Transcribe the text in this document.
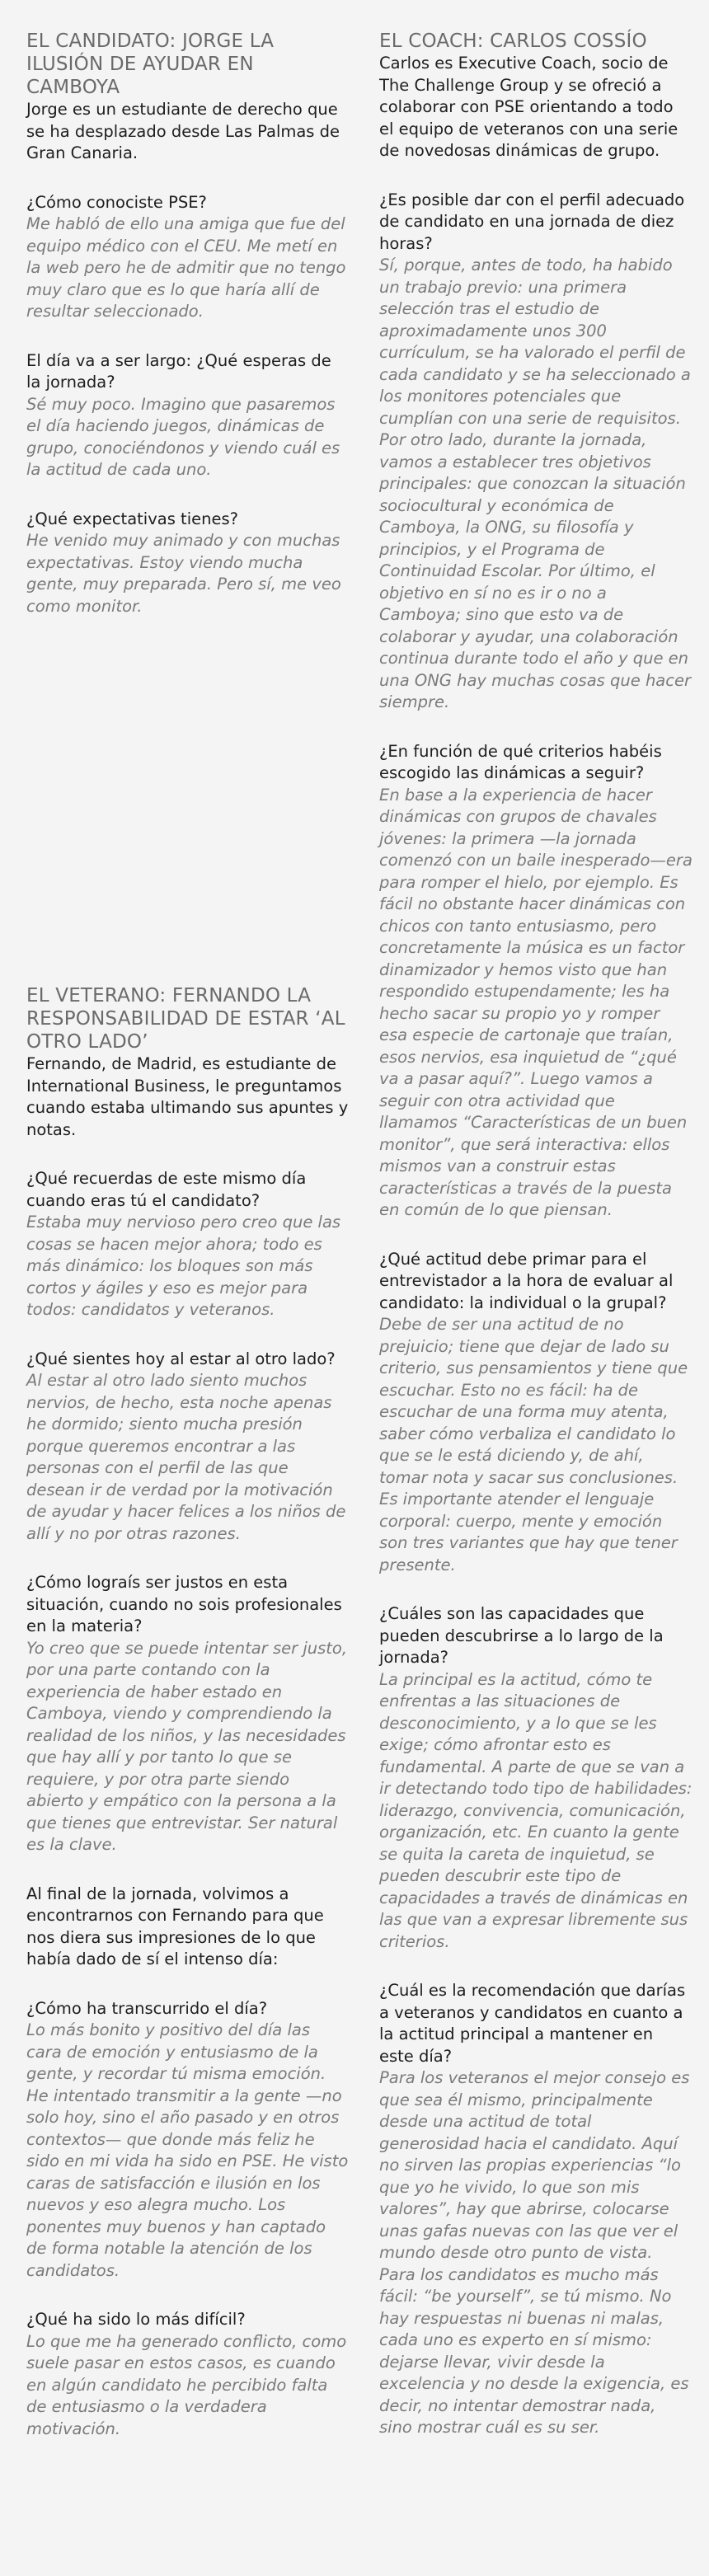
EL CANDIDATO: JORGE LA ILUSIÓN DE AYUDAR EN CAMBOYA

Jorge es un estudiante de derecho que se ha desplazado desde Las Palmas de Gran Canaria.

¿Cómo conociste PSE?

Me habló de ello una amiga que fue del equipo médico con el CEU. Me metí en la web pero he de admitir que no tengo muy claro que es lo que haría allí de resultar seleccionado.

El día va a ser largo: ¿Qué esperas de la jornada?

Sé muy poco. Imagino que pasaremos el día haciendo juegos, dinámicas de grupo, conociéndonos y viendo cuál es la actitud de cada uno.

¿Qué expectativas tienes?

He venido muy animado y con muchas expectativas. Estoy viendo mucha gente, muy preparada. Pero sí, me veo como monitor.

EL VETERANO: FERNANDO LA RESPONSABILIDAD DE ESTAR ‘AL OTRO LADO’

Fernando, de Madrid, es estudiante de International Business, le preguntamos cuando estaba ultimando sus apuntes y notas.

¿Qué recuerdas de este mismo día cuando eras tú el candidato?

Estaba muy nervioso pero creo que las cosas se hacen mejor ahora; todo es más dinámico: los bloques son más cortos y ágiles y eso es mejor para todos: candidatos y veteranos.

¿Qué sientes hoy al estar al otro lado?

Al estar al otro lado siento muchos nervios, de hecho, esta noche apenas he dormido; siento mucha presión porque queremos encontrar a las personas con el perfil de las que desean ir de verdad por la motivación de ayudar y hacer felices a los niños de allí y no por otras razones.

¿Cómo lograís ser justos en esta situación, cuando no sois profesionales en la materia?

Yo creo que se puede intentar ser justo, por una parte contando con la experiencia de haber estado en Camboya, viendo y comprendiendo la realidad de los niños, y las necesidades que hay allí y por tanto lo que se requiere, y por otra parte siendo abierto y empático con la persona a la que tienes que entrevistar. Ser natural es la clave.

Al final de la jornada, volvimos a encontrarnos con Fernando para que nos diera sus impresiones de lo que había dado de sí el intenso día:

¿Cómo ha transcurrido el día?

Lo más bonito y positivo del día las cara de emoción y entusiasmo de la gente, y recordar tú misma emoción. He intentado transmitir a la gente —no solo hoy, sino el año pasado y en otros contextos— que donde más feliz he sido en mi vida ha sido en PSE. He visto caras de satisfacción e ilusión en los nuevos y eso alegra mucho. Los ponentes muy buenos y han captado de forma notable la atención de los candidatos.

¿Qué ha sido lo más difícil?

Lo que me ha generado conflicto, como suele pasar en estos casos, es cuando en algún candidato he percibido falta de entusiasmo o la verdadera motivación.

EL COACH: CARLOS COSSÍO

Carlos es Executive Coach, socio de The Challenge Group y se ofreció a colaborar con PSE orientando a todo el equipo de veteranos con una serie de novedosas dinámicas de grupo.

¿Es posible dar con el perfil adecuado de candidato en una jornada de diez horas?

Sí, porque, antes de todo, ha habido un trabajo previo: una primera selección tras el estudio de aproximadamente unos 300 currículum, se ha valorado el perfil de cada candidato y se ha seleccionado a los monitores potenciales que cumplían con una serie de requisitos. Por otro lado, durante la jornada, vamos a establecer tres objetivos principales: que conozcan la situación sociocultural y económica de Camboya, la ONG, su filosofía y principios, y el Programa de Continuidad Escolar. Por último, el objetivo en sí no es ir o no a Camboya; sino que esto va de colaborar y ayudar, una colaboración continua durante todo el año y que en una ONG hay muchas cosas que hacer siempre.

¿En función de qué criterios habéis escogido las dinámicas a seguir?

En base a la experiencia de hacer dinámicas con grupos de chavales jóvenes: la primera —la jornada comenzó con un baile inesperado—era para romper el hielo, por ejemplo. Es fácil no obstante hacer dinámicas con chicos con tanto entusiasmo, pero concretamente la música es un factor dinamizador y hemos visto que han respondido estupendamente; les ha hecho sacar su propio yo y romper esa especie de cartonaje que traían, esos nervios, esa inquietud de “¿qué va a pasar aquí?”. Luego vamos a seguir con otra actividad que llamamos “Características de un buen monitor”, que será interactiva: ellos mismos van a construir estas características a través de la puesta en común de lo que piensan.

¿Qué actitud debe primar para el entrevistador a la hora de evaluar al candidato: la individual o la grupal?

Debe de ser una actitud de no prejuicio; tiene que dejar de lado su criterio, sus pensamientos y tiene que escuchar. Esto no es fácil: ha de escuchar de una forma muy atenta, saber cómo verbaliza el candidato lo que se le está diciendo y, de ahí, tomar nota y sacar sus conclusiones. Es importante atender el lenguaje corporal: cuerpo, mente y emoción son tres variantes que hay que tener presente.

¿Cuáles son las capacidades que pueden descubrirse a lo largo de la jornada?

La principal es la actitud, cómo te enfrentas a las situaciones de desconocimiento, y a lo que se les exige; cómo afrontar esto es fundamental. A parte de que se van a ir detectando todo tipo de habilidades: liderazgo, convivencia, comunicación, organización, etc. En cuanto la gente se quita la careta de inquietud, se pueden descubrir este tipo de capacidades a través de dinámicas en las que van a expresar libremente sus criterios.

¿Cuál es la recomendación que darías a veteranos y candidatos en cuanto a la actitud principal a mantener en este día?

Para los veteranos el mejor consejo es que sea él mismo, principalmente desde una actitud de total generosidad hacia el candidato. Aquí no sirven las propias experiencias “lo que yo he vivido, lo que son mis valores”, hay que abrirse, colocarse unas gafas nuevas con las que ver el mundo desde otro punto de vista. Para los candidatos es mucho más fácil: “be yourself”, se tú mismo. No hay respuestas ni buenas ni malas, cada uno es experto en sí mismo: dejarse llevar, vivir desde la excelencia y no desde la exigencia, es decir, no intentar demostrar nada, sino mostrar cuál es su ser.
